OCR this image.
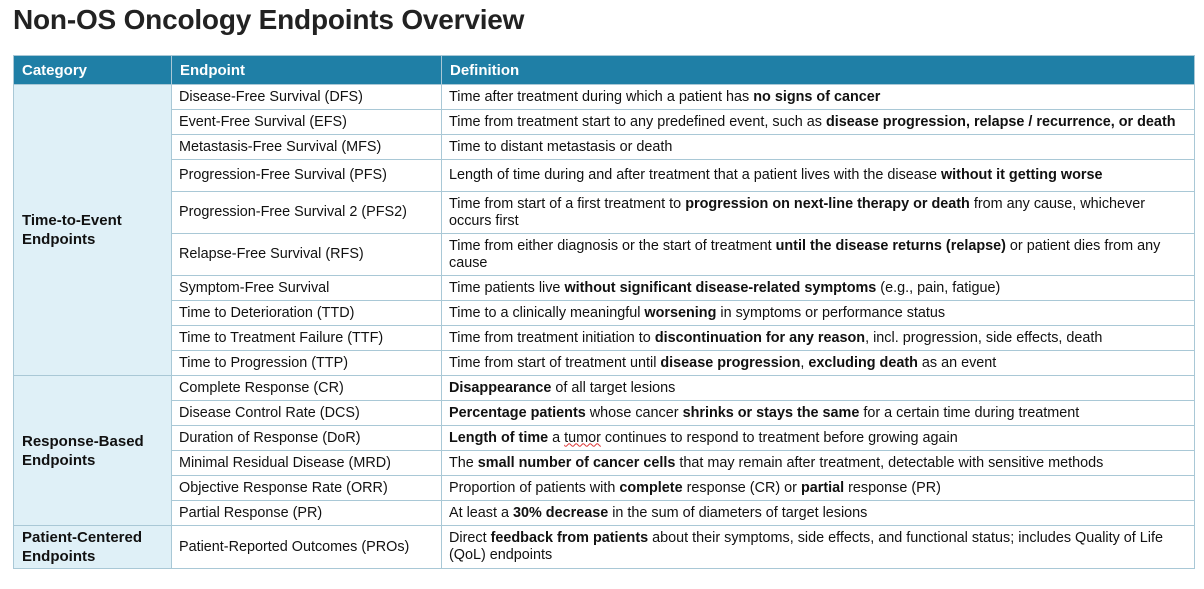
Non-OS Oncology Endpoints Overview
Category	Endpoint	Definition
Time-to-Event Endpoints	Disease-Free Survival (DFS)	Time after treatment during which a patient has no signs of cancer
	Event-Free Survival (EFS)	Time from treatment start to any predefined event, such as disease progression, relapse / recurrence, or death
	Metastasis-Free Survival (MFS)	Time to distant metastasis or death
	Progression-Free Survival (PFS)	Length of time during and after treatment that a patient lives with the disease without it getting worse
	Progression-Free Survival 2 (PFS2)	Time from start of a first treatment to progression on next-line therapy or death from any cause, whichever occurs first
	Relapse-Free Survival (RFS)	Time from either diagnosis or the start of treatment until the disease returns (relapse) or patient dies from any cause
	Symptom-Free Survival	Time patients live without significant disease-related symptoms (e.g., pain, fatigue)
	Time to Deterioration (TTD)	Time to a clinically meaningful worsening in symptoms or performance status
	Time to Treatment Failure (TTF)	Time from treatment initiation to discontinuation for any reason, incl. progression, side effects, death
	Time to Progression (TTP)	Time from start of treatment until disease progression, excluding death as an event
Response-Based Endpoints	Complete Response (CR)	Disappearance of all target lesions
	Disease Control Rate (DCS)	Percentage patients whose cancer shrinks or stays the same for a certain time during treatment
	Duration of Response (DoR)	Length of time a tumor continues to respond to treatment before growing again
	Minimal Residual Disease (MRD)	The small number of cancer cells that may remain after treatment, detectable with sensitive methods
	Objective Response Rate (ORR)	Proportion of patients with complete response (CR) or partial response (PR)
	Partial Response (PR)	At least a 30% decrease in the sum of diameters of target lesions
Patient-Centered Endpoints	Patient-Reported Outcomes (PROs)	Direct feedback from patients about their symptoms, side effects, and functional status; includes Quality of Life (QoL) endpoints
